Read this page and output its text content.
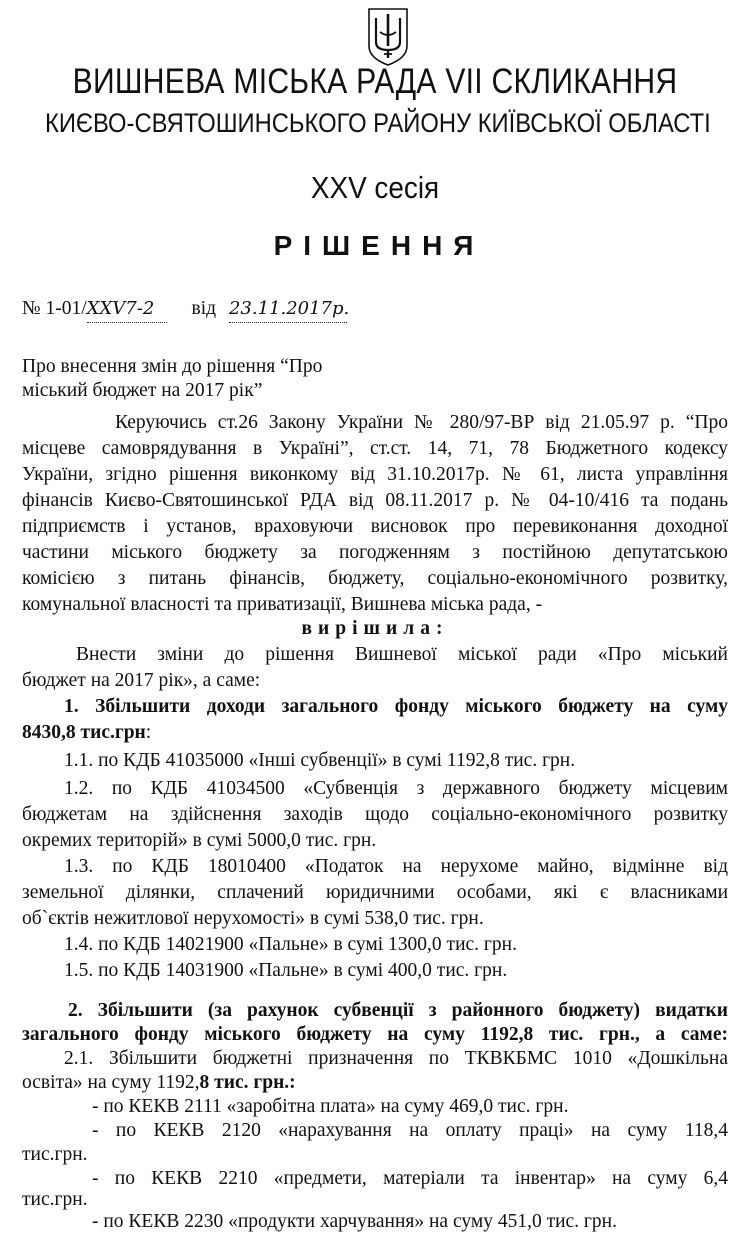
ВИШНЕВА МІСЬКА РАДА VII СКЛИКАННЯ
КИЄВО-СВЯТОШИНСЬКОГО РАЙОНУ КИЇВСЬКОЇ ОБЛАСТІ
XXV сесія
РІШЕННЯ
№ 1-01/XXV7-2 від 23.11.2017р.
Про внесення змін до рішення “Про
міський бюджет на 2017 рік”
Керуючись ст.26 Закону України № 280/97-ВР від 21.05.97 р. “Про
місцеве самоврядування в Україні”, ст.ст. 14, 71, 78 Бюджетного кодексу
України, згідно рішення виконкому від 31.10.2017р. № 61, листа управління
фінансів Києво-Святошинської РДА від 08.11.2017 р. № 04-10/416 та подань
підприємств і установ, враховуючи висновок про перевиконання доходної
частини міського бюджету за погодженням з постійною депутатською
комісією з питань фінансів, бюджету, соціально-економічного розвитку,
комунальної власності та приватизації, Вишнева міська рада, -
вирішила:
Внести зміни до рішення Вишневої міської ради «Про міський
бюджет на 2017 рік», а саме:
1. Збільшити доходи загального фонду міського бюджету на суму
8430,8 тис.грн:
1.1. по КДБ 41035000 «Інші субвенції» в сумі 1192,8 тис. грн.
1.2. по КДБ 41034500 «Субвенція з державного бюджету місцевим
бюджетам на здійснення заходів щодо соціально-економічного розвитку
окремих територій» в сумі 5000,0 тис. грн.
1.3. по КДБ 18010400 «Податок на нерухоме майно, відмінне від
земельної ділянки, сплачений юридичними особами, які є власниками
об`єктів нежитлової нерухомості» в сумі 538,0 тис. грн.
1.4. по КДБ 14021900 «Пальне» в сумі 1300,0 тис. грн.
1.5. по КДБ 14031900 «Пальне» в сумі 400,0 тис. грн.
2. Збільшити (за рахунок субвенції з районного бюджету) видатки
загального фонду міського бюджету на суму 1192,8 тис. грн., а саме:
2.1. Збільшити бюджетні призначення по ТКВКБМС 1010 «Дошкільна
освіта» на суму 1192,8 тис. грн.:
- по КЕКВ 2111 «заробітна плата» на суму 469,0 тис. грн.
- по КЕКВ 2120 «нарахування на оплату праці» на суму 118,4
тис.грн.
- по КЕКВ 2210 «предмети, матеріали та інвентар» на суму 6,4
тис.грн.
- по КЕКВ 2230 «продукти харчування» на суму 451,0 тис. грн.
